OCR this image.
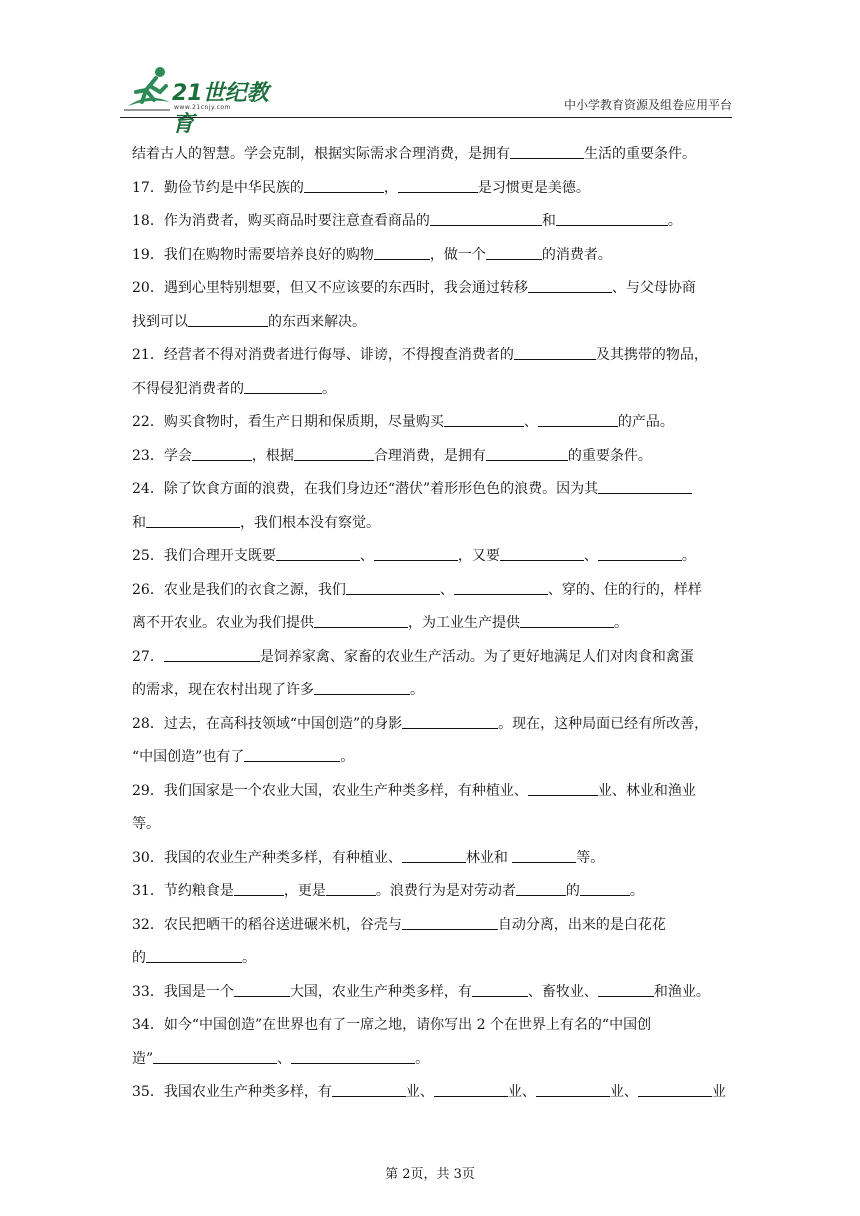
21世纪教育
www.21cnjy.com	中小学教育资源及组卷应用平台
结着古人的智慧。学会克制，根据实际需求合理消费，是拥有	生活的重要条件。
17．勤俭节约是中华民族的	，	是习惯更是美德。
18．作为消费者，购买商品时要注意查看商品的	和	。
19．我们在购物时需要培养良好的购物	，做一个	的消费者。
20．遇到心里特别想要，但又不应该要的东西时，我会通过转移	、与父母协商
找到可以	的东西来解决。
21．经营者不得对消费者进行侮辱、诽谤，不得搜查消费者的	及其携带的物品，
不得侵犯消费者的	。
22．购买食物时，看生产日期和保质期，尽量购买	、	的产品。
23．学会	，根据	合理消费，是拥有	的重要条件。
24．除了饮食方面的浪费，在我们身边还“潜伏”着形形色色的浪费。因为其
和	，我们根本没有察觉。
25．我们合理开支既要	、	，又要	、	。
26．农业是我们的衣食之源，我们	、	、穿的、住的行的，样样
离不开农业。农业为我们提供	，为工业生产提供	。
27．	是饲养家禽、家畜的农业生产活动。为了更好地满足人们对肉食和禽蛋
的需求，现在农村出现了许多	。
28．过去，在高科技领域“中国创造”的身影	。现在，这种局面已经有所改善，
“中国创造”也有了	。
29．我们国家是一个农业大国，农业生产种类多样，有种植业、	业、林业和渔业
等。
30．我国的农业生产种类多样，有种植业、	林业和	等。
31．节约粮食是	，更是	。浪费行为是对劳动者	的	。
32．农民把晒干的稻谷送进碾米机，谷壳与	自动分离，出来的是白花花
的	。
33．我国是一个	大国，农业生产种类多样，有	、畜牧业、	和渔业。
34．如今“中国创造”在世界也有了一席之地，请你写出 2 个在世界上有名的“中国创
造”	、	。
35．我国农业生产种类多样，有	业、	业、	业、	业
第 2页，共 3页
